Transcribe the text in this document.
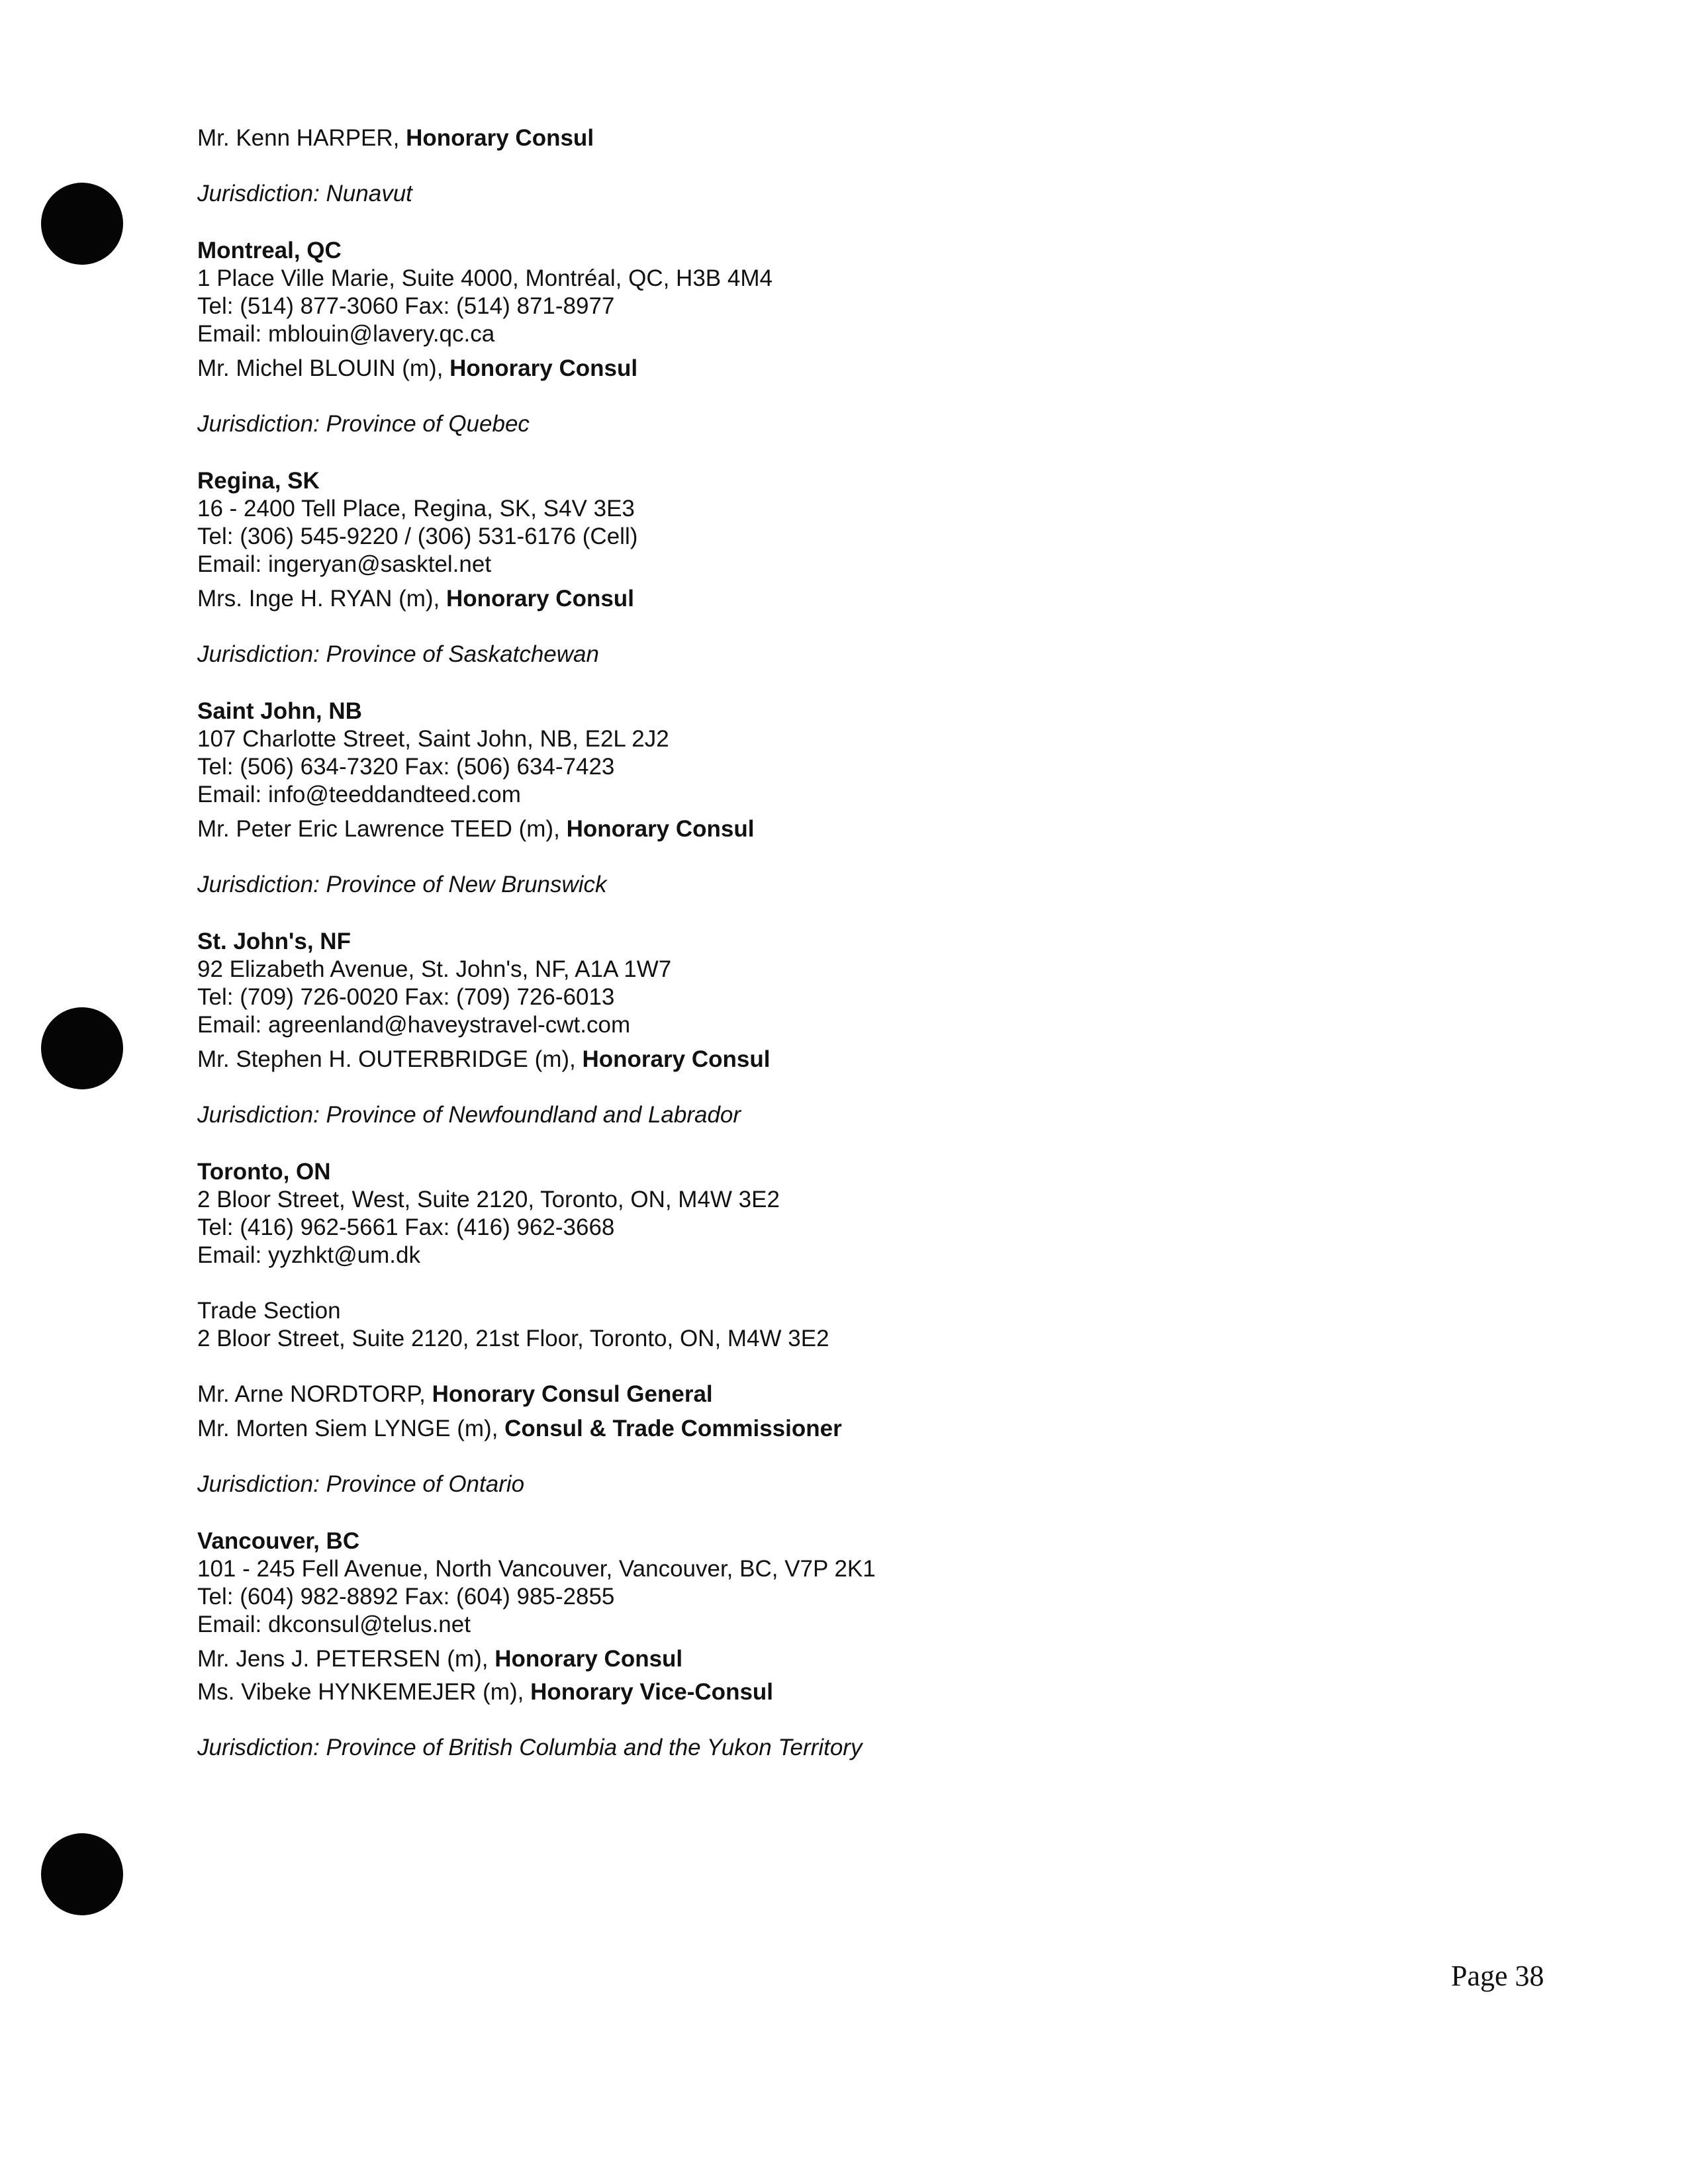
Mr. Kenn HARPER, Honorary Consul
Jurisdiction: Nunavut
Montreal, QC
1 Place Ville Marie, Suite 4000, Montréal, QC, H3B 4M4
Tel: (514) 877-3060 Fax: (514) 871-8977
Email: mblouin@lavery.qc.ca
Mr. Michel BLOUIN (m), Honorary Consul
Jurisdiction: Province of Quebec
Regina, SK
16 - 2400 Tell Place, Regina, SK, S4V 3E3
Tel: (306) 545-9220 / (306) 531-6176 (Cell)
Email: ingeryan@sasktel.net
Mrs. Inge H. RYAN (m), Honorary Consul
Jurisdiction: Province of Saskatchewan
Saint John, NB
107 Charlotte Street, Saint John, NB, E2L 2J2
Tel: (506) 634-7320 Fax: (506) 634-7423
Email: info@teeddandteed.com
Mr. Peter Eric Lawrence TEED (m), Honorary Consul
Jurisdiction: Province of New Brunswick
St. John's, NF
92 Elizabeth Avenue, St. John's, NF, A1A 1W7
Tel: (709) 726-0020 Fax: (709) 726-6013
Email: agreenland@haveystravel-cwt.com
Mr. Stephen H. OUTERBRIDGE (m), Honorary Consul
Jurisdiction: Province of Newfoundland and Labrador
Toronto, ON
2 Bloor Street, West, Suite 2120, Toronto, ON, M4W 3E2
Tel: (416) 962-5661 Fax: (416) 962-3668
Email: yyzhkt@um.dk
Trade Section
2 Bloor Street, Suite 2120, 21st Floor, Toronto, ON, M4W 3E2
Mr. Arne NORDTORP, Honorary Consul General
Mr. Morten Siem LYNGE (m), Consul & Trade Commissioner
Jurisdiction: Province of Ontario
Vancouver, BC
101 - 245 Fell Avenue, North Vancouver, Vancouver, BC, V7P 2K1
Tel: (604) 982-8892 Fax: (604) 985-2855
Email: dkconsul@telus.net
Mr. Jens J. PETERSEN (m), Honorary Consul
Ms. Vibeke HYNKEMEJER (m), Honorary Vice-Consul
Jurisdiction: Province of British Columbia and the Yukon Territory
Page 38
